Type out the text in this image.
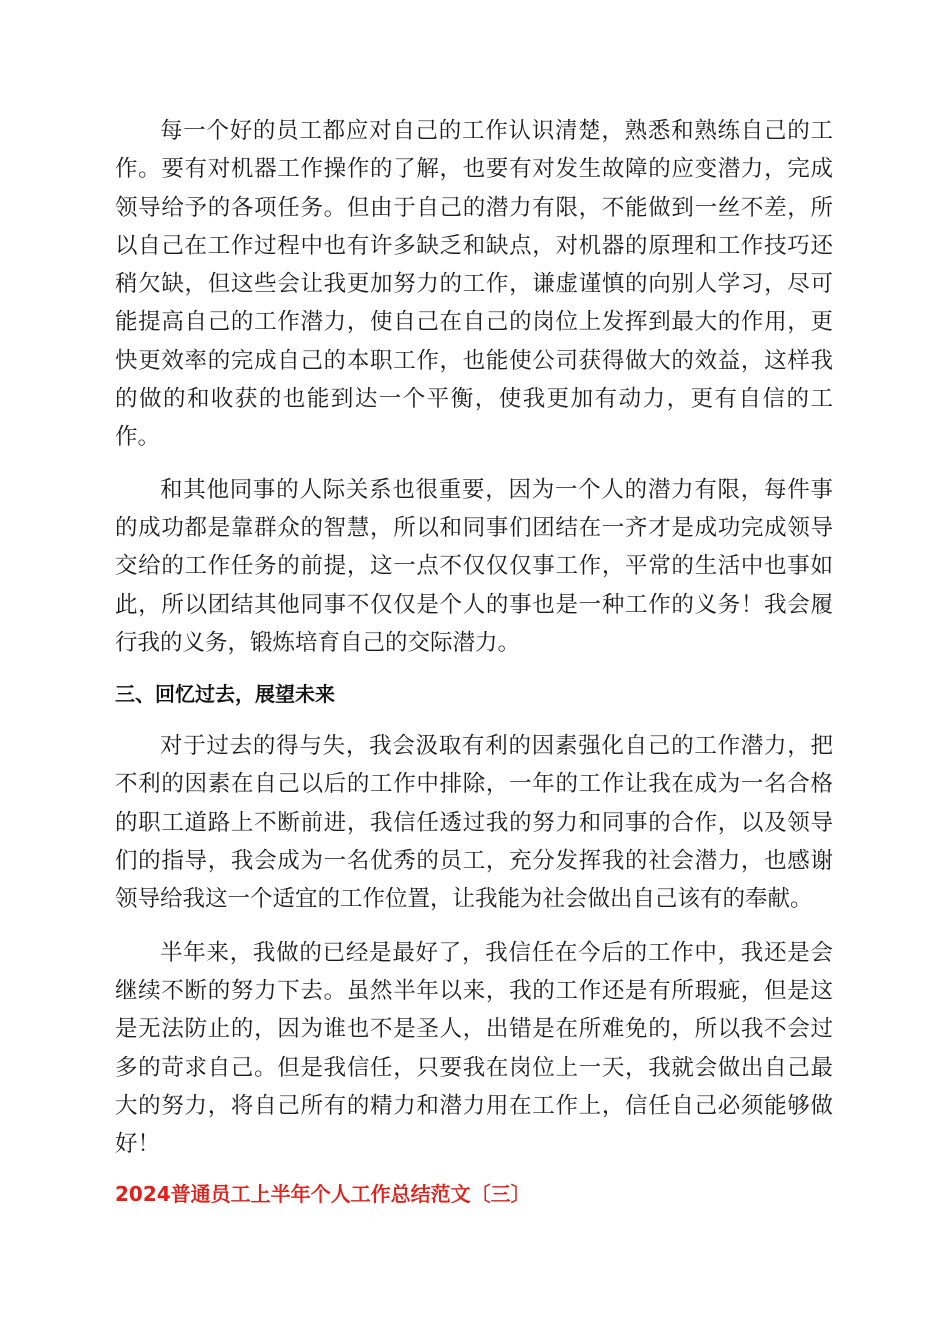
每一个好的员工都应对自己的工作认识清楚，熟悉和熟练自己的工作。要有对机器工作操作的了解，也要有对发生故障的应变潜力，完成领导给予的各项任务。但由于自己的潜力有限，不能做到一丝不差，所以自己在工作过程中也有许多缺乏和缺点，对机器的原理和工作技巧还稍欠缺，但这些会让我更加努力的工作，谦虚谨慎的向别人学习，尽可能提高自己的工作潜力，使自己在自己的岗位上发挥到最大的作用，更快更效率的完成自己的本职工作，也能使公司获得做大的效益，这样我的做的和收获的也能到达一个平衡，使我更加有动力，更有自信的工作。

和其他同事的人际关系也很重要，因为一个人的潜力有限，每件事的成功都是靠群众的智慧，所以和同事们团结在一齐才是成功完成领导交给的工作任务的前提，这一点不仅仅仅事工作，平常的生活中也事如此，所以团结其他同事不仅仅是个人的事也是一种工作的义务！我会履行我的义务，锻炼培育自己的交际潜力。

三、回忆过去，展望未来

对于过去的得与失，我会汲取有利的因素强化自己的工作潜力，把不利的因素在自己以后的工作中排除，一年的工作让我在成为一名合格的职工道路上不断前进，我信任透过我的努力和同事的合作，以及领导们的指导，我会成为一名优秀的员工，充分发挥我的社会潜力，也感谢领导给我这一个适宜的工作位置，让我能为社会做出自己该有的奉献。

半年来，我做的已经是最好了，我信任在今后的工作中，我还是会继续不断的努力下去。虽然半年以来，我的工作还是有所瑕疵，但是这是无法防止的，因为谁也不是圣人，出错是在所难免的，所以我不会过多的苛求自己。但是我信任，只要我在岗位上一天，我就会做出自己最大的努力，将自己所有的精力和潜力用在工作上，信任自己必须能够做好！

2024普通员工上半年个人工作总结范文〔三〕
